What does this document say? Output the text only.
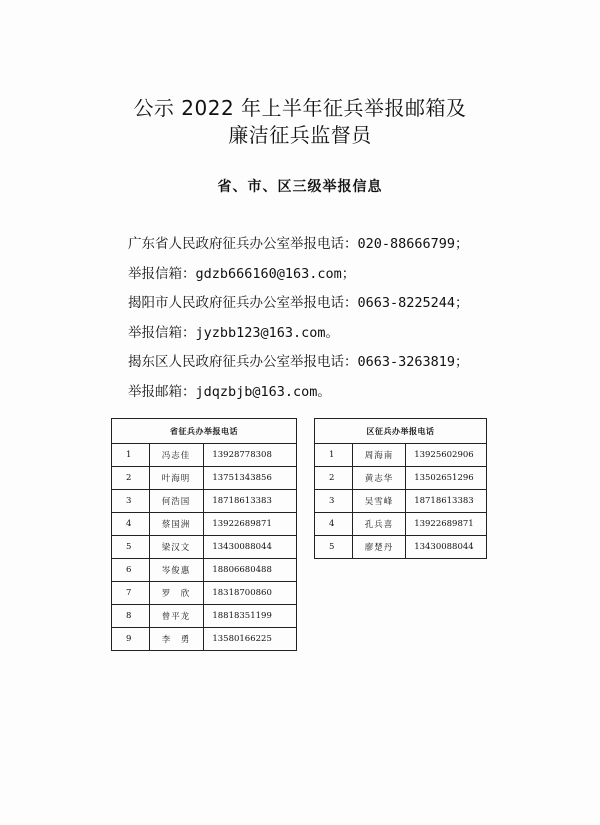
公示 2022 年上半年征兵举报邮箱及
廉洁征兵监督员
省、市、区三级举报信息
广东省人民政府征兵办公室举报电话：020-88666799；
举报信箱：gdzb666160@163.com；
揭阳市人民政府征兵办公室举报电话：0663-8225244；
举报信箱：jyzbb123@163.com。
揭东区人民政府征兵办公室举报电话：0663-3263819；
举报邮箱：jdqzbjb@163.com。
省征兵办举报电话		
1	冯志佳	13928778308
2	叶海明	13751343856
3	何浩国	18718613383
4	蔡国洲	13922689871
5	梁汉文	13430088044
6	岑俊惠	18806680488
7	罗　欣	18318700860
8	曾平龙	18818351199
9	李　勇	13580166225
区征兵办举报电话		
1	周海南	13925602906
2	黄志华	13502651296
3	吴雪峰	18718613383
4	孔兵喜	13922689871
5	廖楚丹	13430088044
